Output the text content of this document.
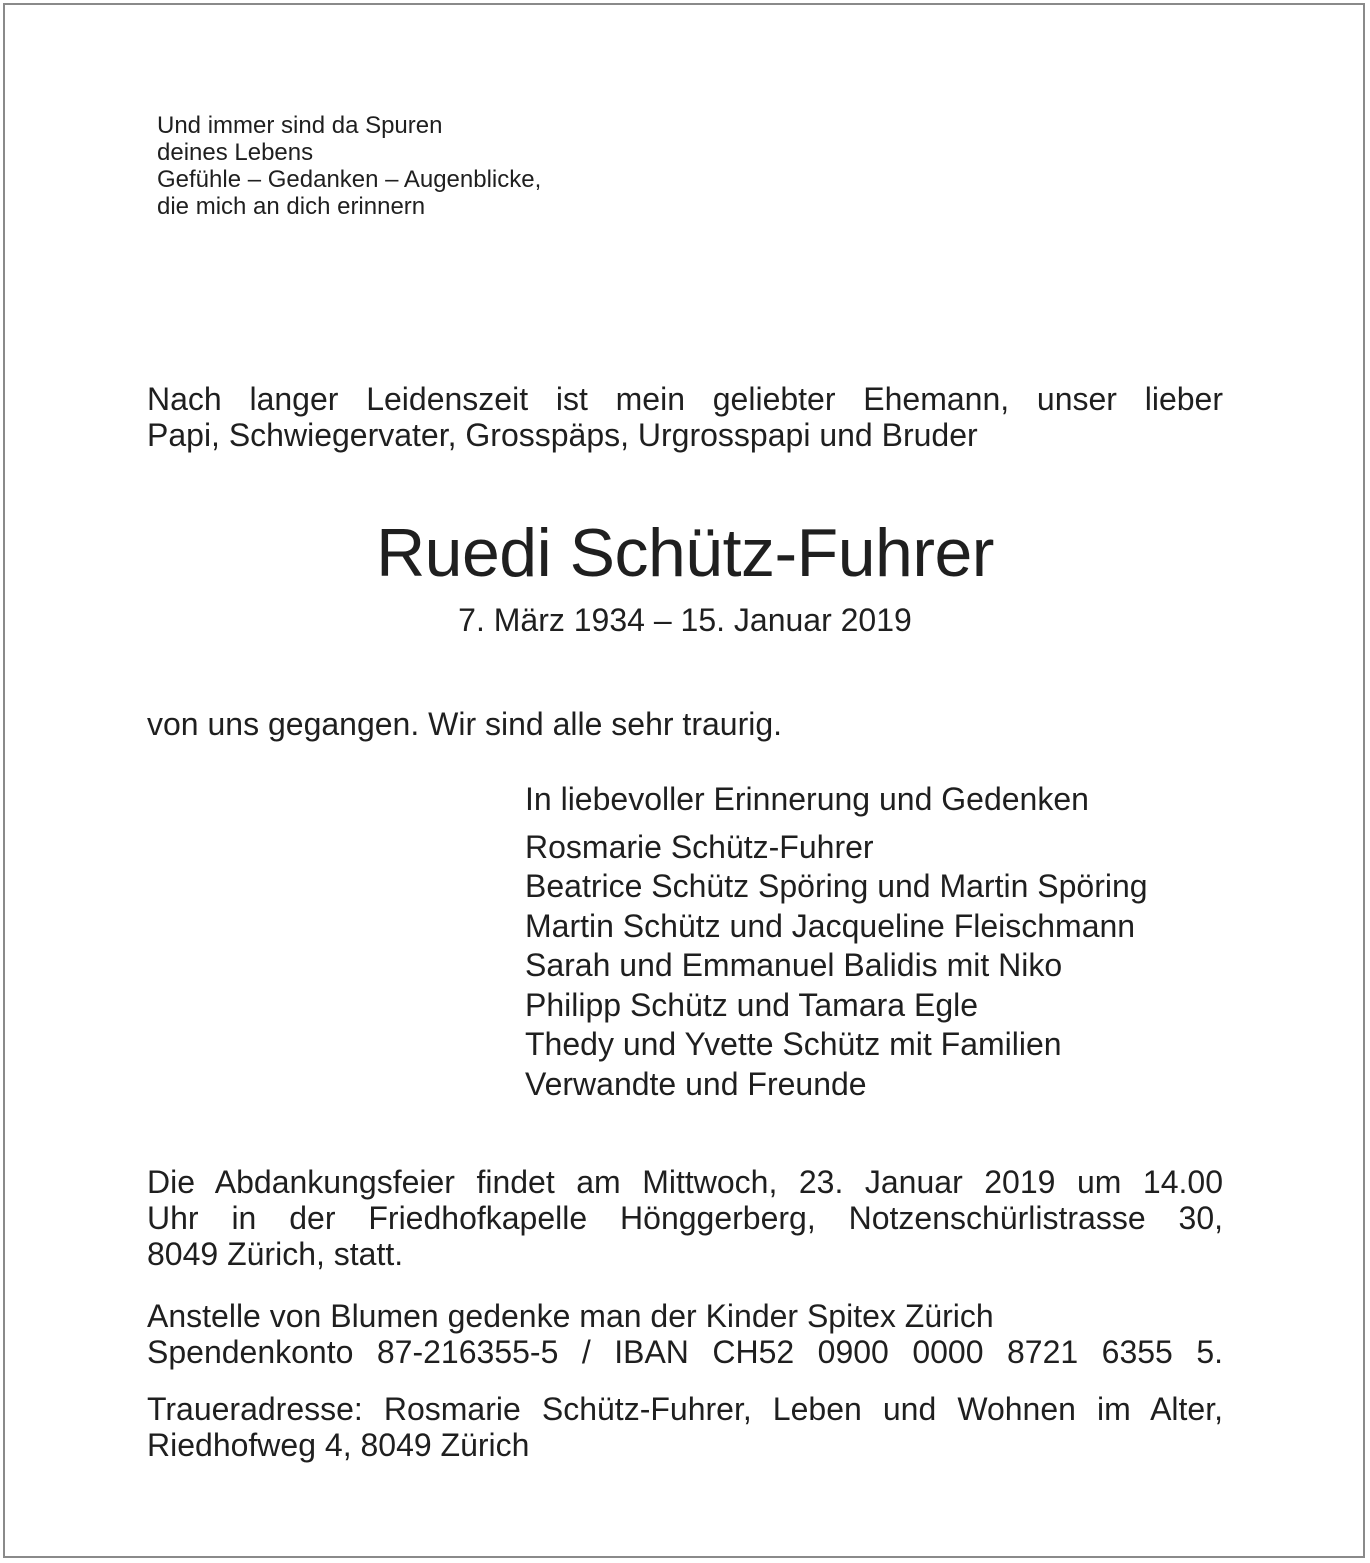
Und immer sind da Spuren
deines Lebens
Gefühle – Gedanken – Augenblicke,
die mich an dich erinnern
Nach langer Leidenszeit ist mein geliebter Ehemann, unser lieber
Papi, Schwiegervater, Grosspäps, Urgrosspapi und Bruder
Ruedi Schütz-Fuhrer
7. März 1934 – 15. Januar 2019
von uns gegangen. Wir sind alle sehr traurig.
In liebevoller Erinnerung und Gedenken
Rosmarie Schütz-Fuhrer
Beatrice Schütz Spöring und Martin Spöring
Martin Schütz und Jacqueline Fleischmann
Sarah und Emmanuel Balidis mit Niko
Philipp Schütz und Tamara Egle
Thedy und Yvette Schütz mit Familien
Verwandte und Freunde
Die Abdankungsfeier findet am Mittwoch, 23. Januar 2019 um 14.00
Uhr in der Friedhofkapelle Hönggerberg, Notzenschürlistrasse 30,
8049 Zürich, statt.
Anstelle von Blumen gedenke man der Kinder Spitex Zürich
Spendenkonto 87-216355-5 / IBAN CH52 0900 0000 8721 6355 5.
Traueradresse: Rosmarie Schütz-Fuhrer, Leben und Wohnen im Alter,
Riedhofweg 4, 8049 Zürich
